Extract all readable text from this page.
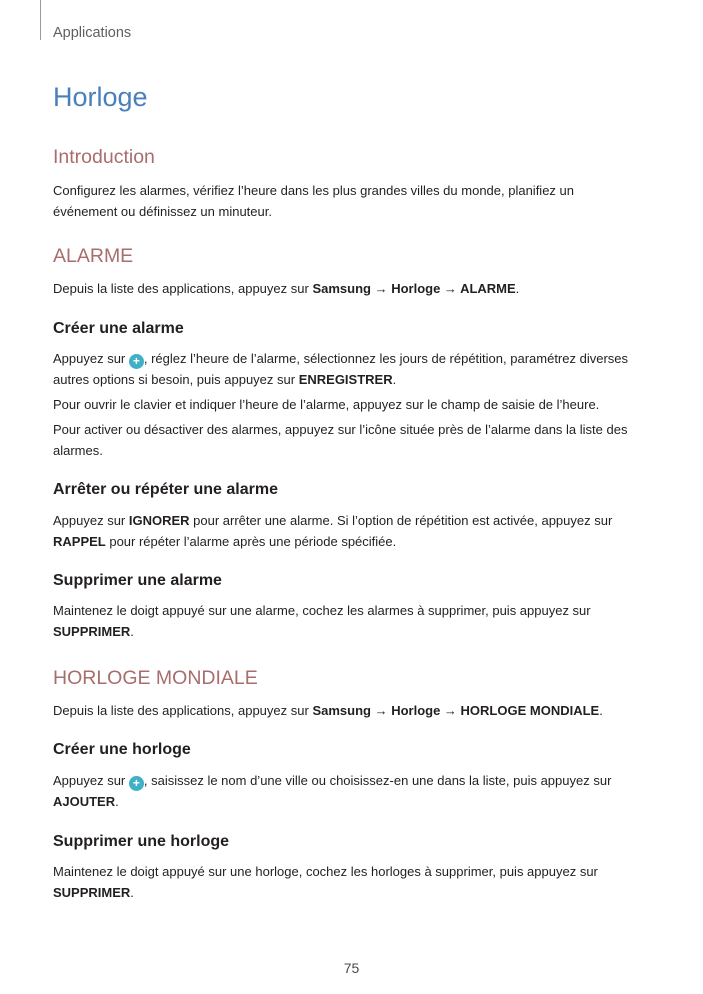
Applications
Horloge
Introduction

Configurez les alarmes, vérifiez l’heure dans les plus grandes villes du monde, planifiez un
événement ou définissez un minuteur.

ALARME

Depuis la liste des applications, appuyez sur Samsung → Horloge → ALARME.

Créer une alarme

Appuyez sur + , réglez l’heure de l’alarme, sélectionnez les jours de répétition, paramétrez diverses
autres options si besoin, puis appuyez sur ENREGISTRER.

Pour ouvrir le clavier et indiquer l’heure de l’alarme, appuyez sur le champ de saisie de l’heure.

Pour activer ou désactiver des alarmes, appuyez sur l’icône située près de l’alarme dans la liste des
alarmes.

Arrêter ou répéter une alarme

Appuyez sur IGNORER pour arrêter une alarme. Si l’option de répétition est activée, appuyez sur
RAPPEL pour répéter l’alarme après une période spécifiée.

Supprimer une alarme

Maintenez le doigt appuyé sur une alarme, cochez les alarmes à supprimer, puis appuyez sur
SUPPRIMER.

HORLOGE MONDIALE

Depuis la liste des applications, appuyez sur Samsung → Horloge → HORLOGE MONDIALE.

Créer une horloge

Appuyez sur + , saisissez le nom d’une ville ou choisissez-en une dans la liste, puis appuyez sur
AJOUTER.

Supprimer une horloge

Maintenez le doigt appuyé sur une horloge, cochez les horloges à supprimer, puis appuyez sur
SUPPRIMER.

75
